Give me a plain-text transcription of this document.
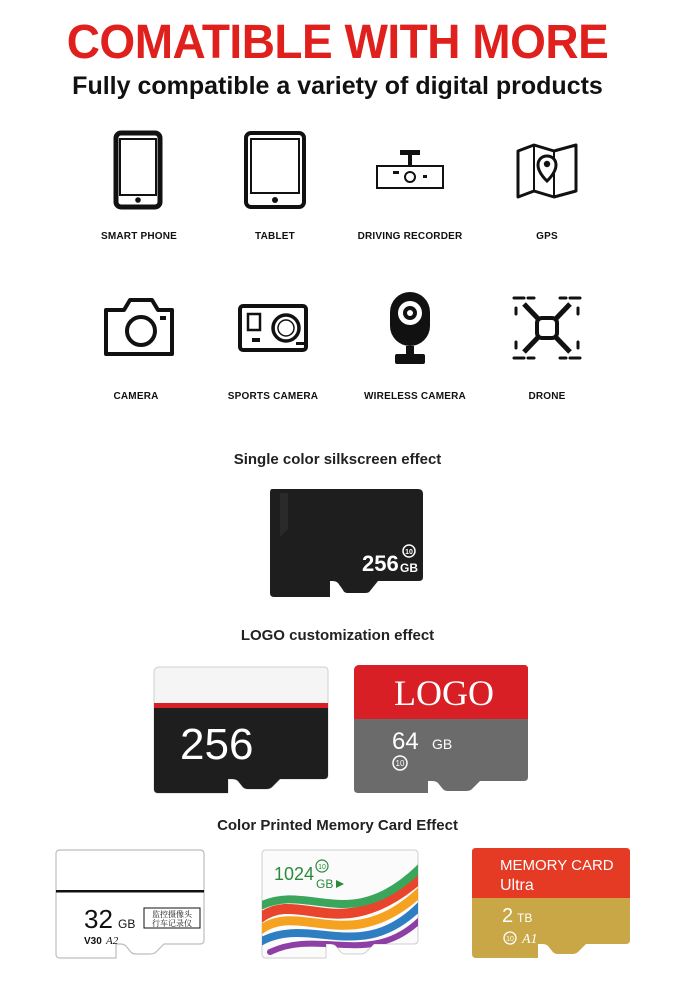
COMATIBLE WITH MORE
Fully compatible a variety of digital products
SMART PHONE	TABLET	DRIVING RECORDER	GPS
CAMERA	SPORTS CAMERA	WIRELESS CAMERA	DRONE
Single color silkscreen effect
256 GB
10
LOGO customization effect
256
LOGO
64 GB
10
Color Printed Memory Card Effect
32 GB
V30 A2
监控摄像头
行车记录仪
1024 GB
10	MEMORY CARD
Ultra
2 TB
10 A1
